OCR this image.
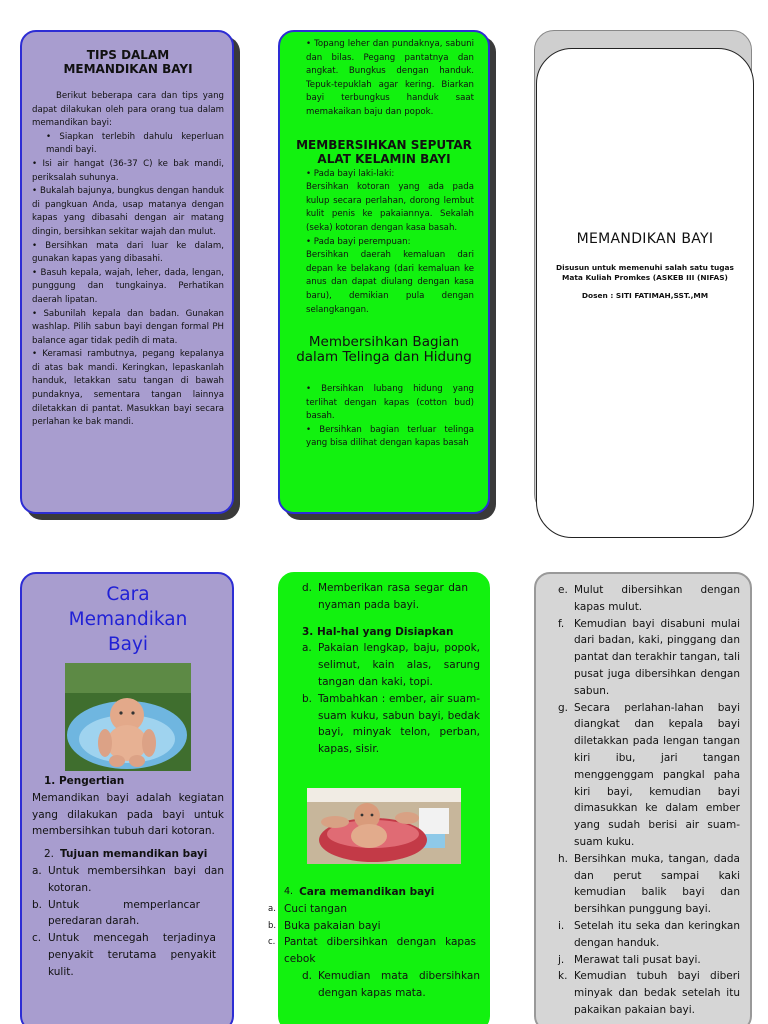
TIPS DALAM MEMANDIKAN BAYI

Berikut beberapa cara dan tips yang dapat dilakukan oleh para orang tua dalam memandikan bayi:

• Siapkan terlebih dahulu keperluan mandi bayi.

• Isi air hangat (36-37 C) ke bak mandi, periksalah suhunya.

• Bukalah bajunya, bungkus dengan handuk di pangkuan Anda, usap matanya dengan kapas yang dibasahi dengan air matang dingin, bersihkan sekitar wajah dan mulut.

• Bersihkan mata dari luar ke dalam, gunakan kapas yang dibasahi.

• Basuh kepala, wajah, leher, dada, lengan, punggung dan tungkainya. Perhatikan daerah lipatan.

• Sabunilah kepala dan badan. Gunakan washlap. Pilih sabun bayi dengan formal PH balance agar tidak pedih di mata.

• Keramasi rambutnya, pegang kepalanya di atas bak mandi. Keringkan, lepaskanlah handuk, letakkan satu tangan di bawah pundaknya, sementara tangan lainnya diletakkan di pantat. Masukkan bayi secara perlahan ke bak mandi.

• Topang leher dan pundaknya, sabuni dan bilas. Pegang pantatnya dan angkat. Bungkus dengan handuk. Tepuk-tepuklah agar kering. Biarkan bayi terbungkus handuk saat memakaikan baju dan popok.
MEMBERSIHKAN SEPUTAR ALAT KELAMIN BAYI

• Pada bayi laki-laki:

Bersihkan kotoran yang ada pada kulup secara perlahan, dorong lembut kulit penis ke pakaiannya. Sekalah (seka) kotoran dengan kasa basah.

• Pada bayi perempuan:

Bersihkan daerah kemaluan dari depan ke belakang (dari kemaluan ke anus dan dapat diulang dengan kasa baru), demikian pula dengan selangkangan.

Membersihkan Bagian dalam Telinga dan Hidung

• Bersihkan lubang hidung yang terlihat dengan kapas (cotton bud) basah.

• Bersihkan bagian terluar telinga yang bisa dilihat dengan kapas basah

MEMANDIKAN BAYI
Disusun untuk memenuhi salah satu tugas
Mata Kuliah Promkes (ASKEB III (NIFAS)
Dosen : SITI FATIMAH,SST.,MM
Cara Memandikan Bayi
1. Pengertian
Memandikan bayi adalah kegiatan yang dilakukan pada bayi untuk membersihkan tubuh dari kotoran.
2. Tujuan memandikan bayi
a. Untuk membersihkan bayi dan kotoran.
b. Untuk memperlancar peredaran darah.
c. Untuk mencegah terjadinya penyakit terutama penyakit kulit.
d. Memberikan rasa segar dan nyaman pada bayi.
3. Hal-hal yang Disiapkan
a. Pakaian lengkap, baju, popok, selimut, kain alas, sarung tangan dan kaki, topi.
b. Tambahkan : ember, air suam-suam kuku, sabun bayi, bedak bayi, minyak telon, perban, kapas, sisir.
4. Cara memandikan bayi
a. Cuci tangan
b. Buka pakaian bayi
c. Pantat dibersihkan dengan kapas cebok
d. Kemudian mata dibersihkan dengan kapas mata.
e. Mulut dibersihkan dengan kapas mulut.
f. Kemudian bayi disabuni mulai dari badan, kaki, pinggang dan pantat dan terakhir tangan, tali pusat juga dibersihkan dengan sabun.
g. Secara perlahan-lahan bayi diangkat dan kepala bayi diletakkan pada lengan tangan kiri ibu, jari tangan menggenggam pangkal paha kiri bayi, kemudian bayi dimasukkan ke dalam ember yang sudah berisi air suam-suam kuku.
h. Bersihkan muka, tangan, dada dan perut sampai kaki kemudian balik bayi dan bersihkan punggung bayi.
i. Setelah itu seka dan keringkan dengan handuk.
j. Merawat tali pusat bayi.
k. Kemudian tubuh bayi diberi minyak dan bedak setelah itu pakaikan pakaian bayi.
